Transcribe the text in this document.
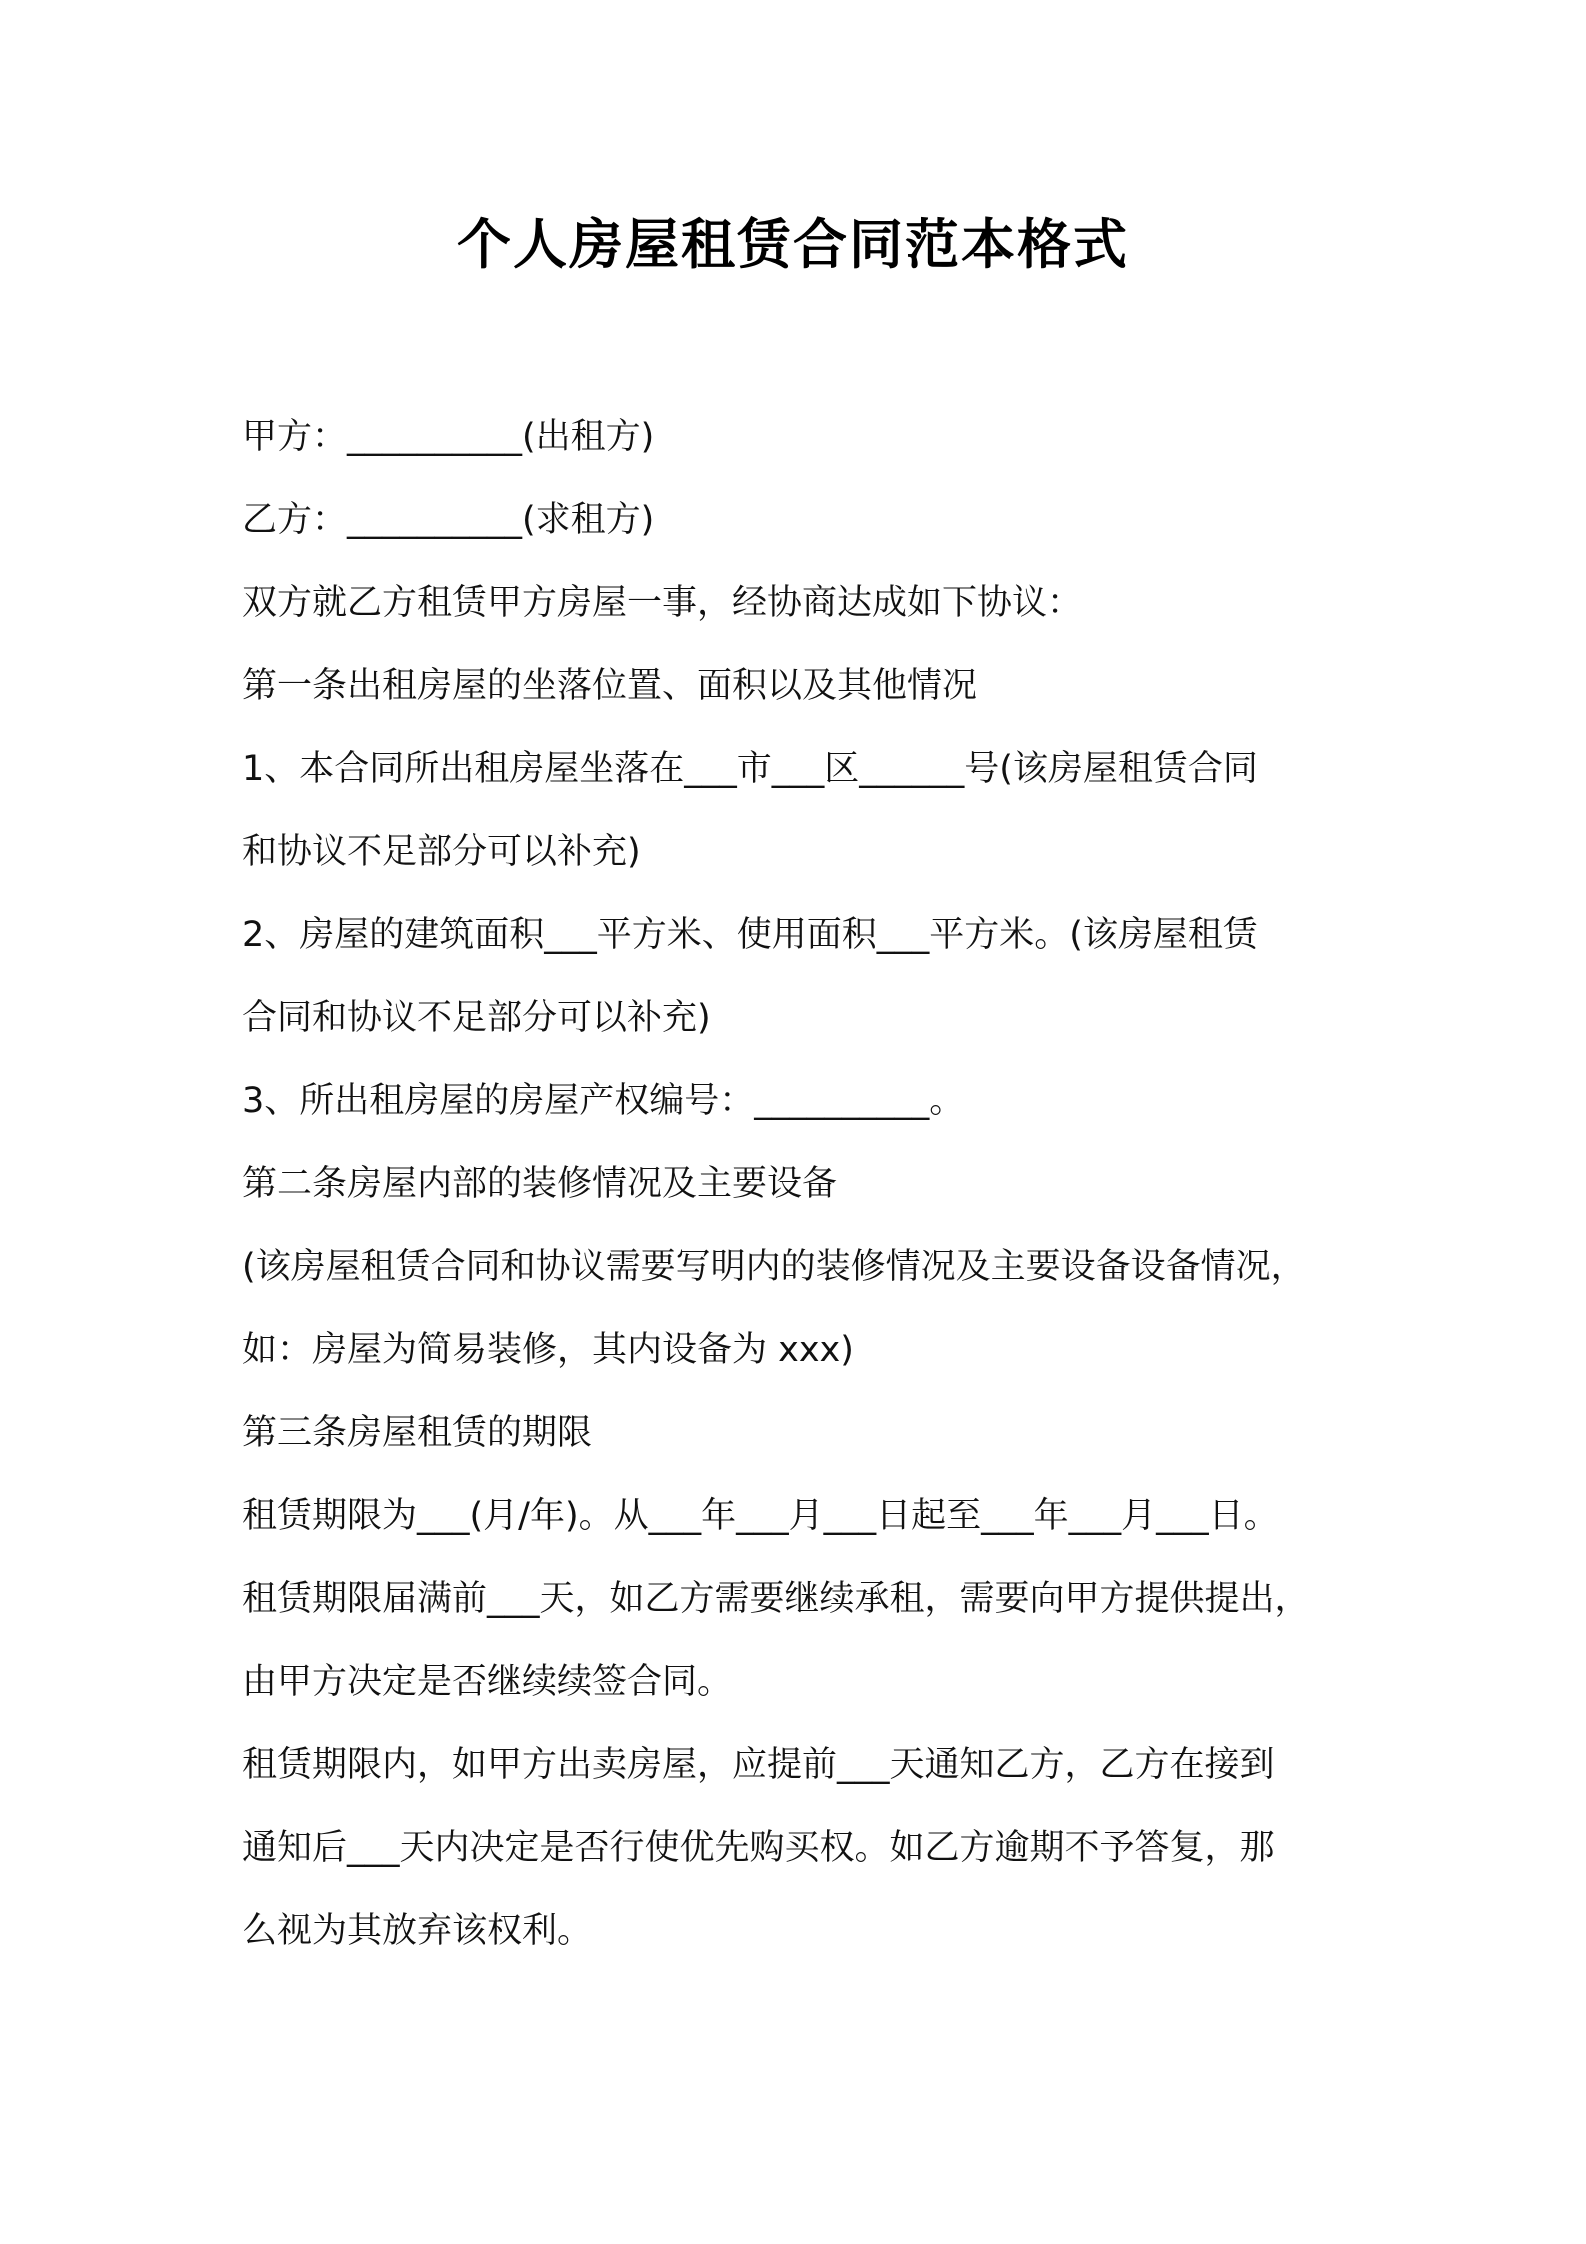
个人房屋租赁合同范本格式
甲方：__________(出租方)
乙方：__________(求租方)
双方就乙方租赁甲方房屋一事，经协商达成如下协议：
第一条出租房屋的坐落位置、面积以及其他情况
1、本合同所出租房屋坐落在___市___区______号(该房屋租赁合同
和协议不足部分可以补充)
2、房屋的建筑面积___平方米、使用面积___平方米。(该房屋租赁
合同和协议不足部分可以补充)
3、所出租房屋的房屋产权编号：__________。
第二条房屋内部的装修情况及主要设备
(该房屋租赁合同和协议需要写明内的装修情况及主要设备设备情况，
如：房屋为简易装修，其内设备为 xxx)
第三条房屋租赁的期限
租赁期限为___(月/年)。从___年___月___日起至___年___月___日。
租赁期限届满前___天，如乙方需要继续承租，需要向甲方提供提出，
由甲方决定是否继续续签合同。
租赁期限内，如甲方出卖房屋，应提前___天通知乙方，乙方在接到
通知后___天内决定是否行使优先购买权。如乙方逾期不予答复，那
么视为其放弃该权利。
